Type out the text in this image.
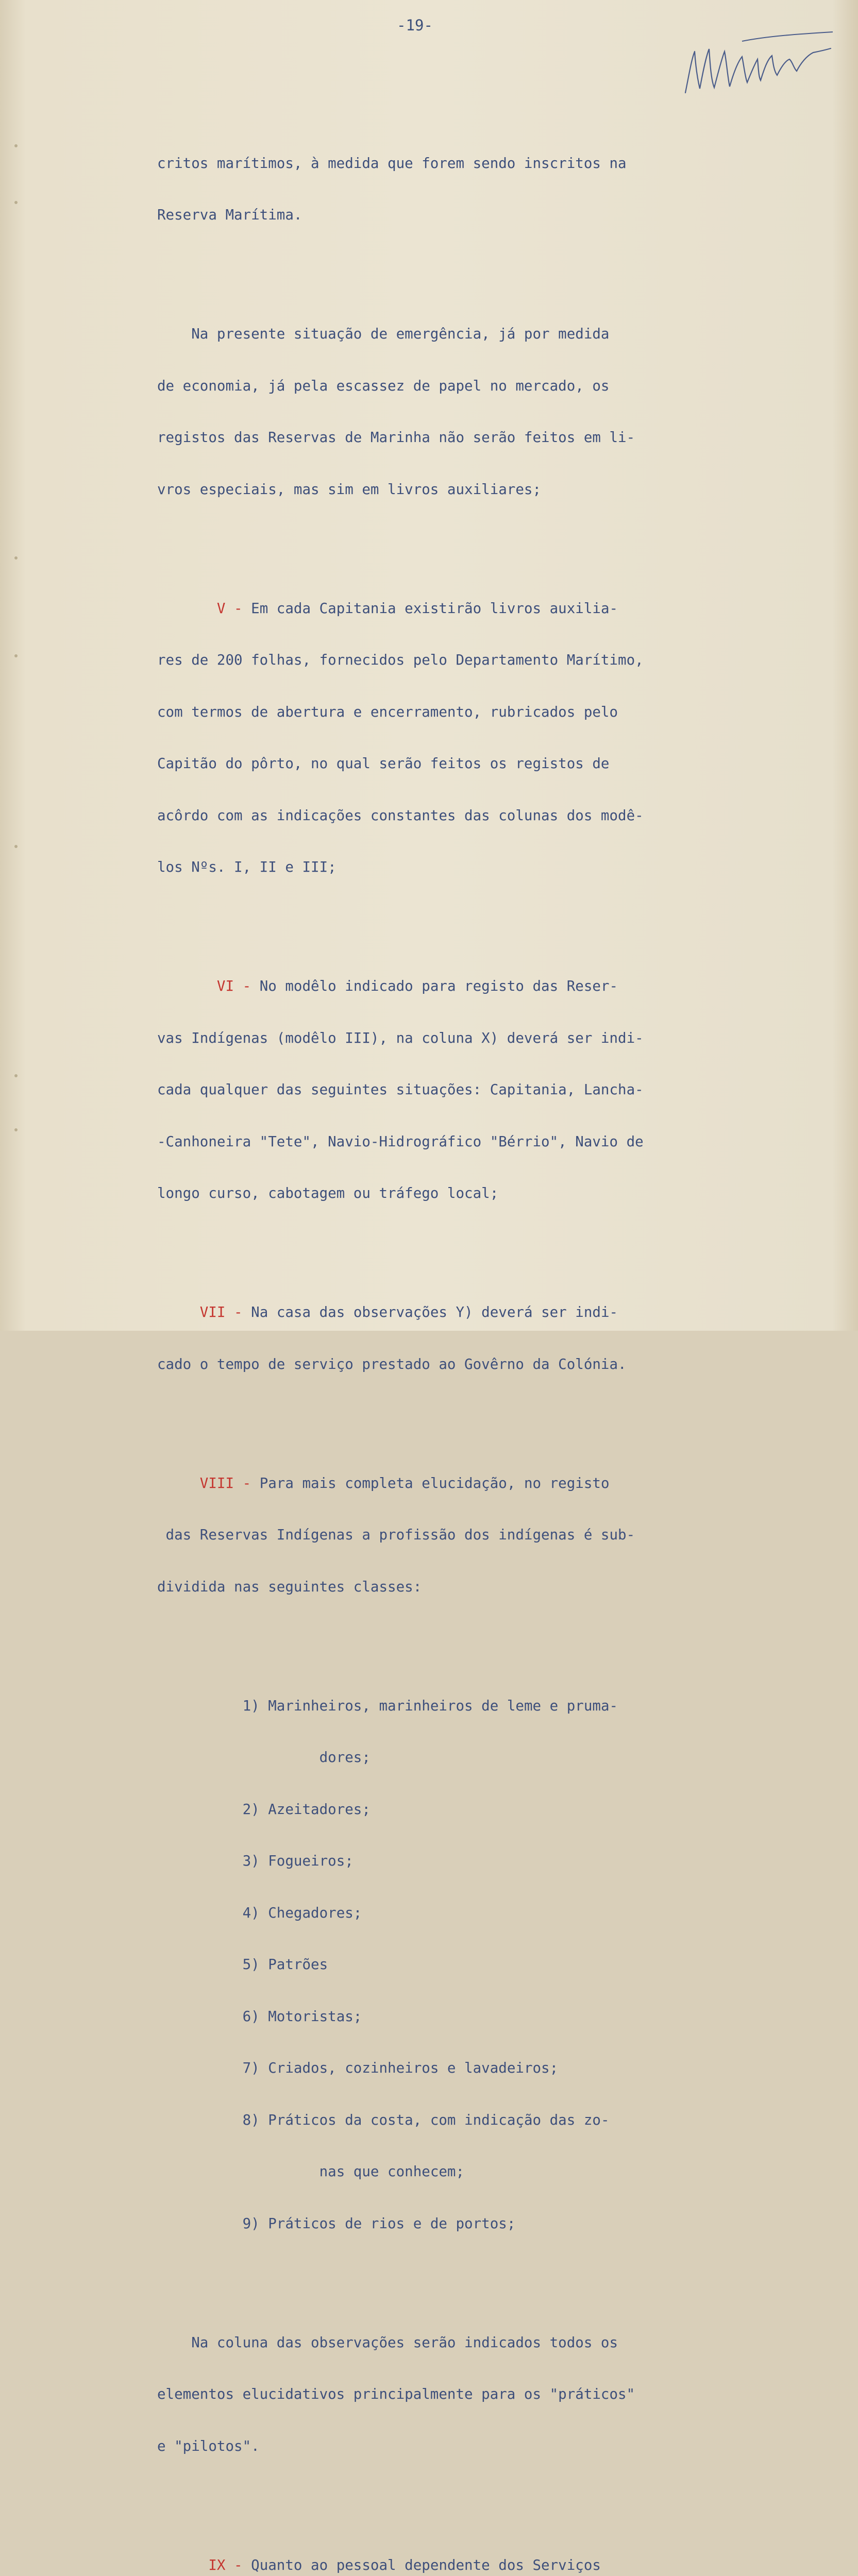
-19-

critos marítimos, à medida que forem sendo inscritos na

Reserva Marítima.

Na presente situação de emergência, já por medida

de economia, já pela escassez de papel no mercado, os

registos das Reservas de Marinha não serão feitos em li-

vros especiais, mas sim em livros auxiliares;

V - Em cada Capitania existirão livros auxilia-

res de 200 folhas, fornecidos pelo Departamento Marítimo,

com termos de abertura e encerramento, rubricados pelo

Capitão do pôrto, no qual serão feitos os registos de

acôrdo com as indicações constantes das colunas dos modê-

los Nºs. I, II e III;

VI - No modêlo indicado para registo das Reser-

vas Indígenas (modêlo III), na coluna X) deverá ser indi-

cada qualquer das seguintes situações: Capitania, Lancha-

-Canhoneira "Tete", Navio-Hidrográfico "Bérrio", Navio de

longo curso, cabotagem ou tráfego local;

VII - Na casa das observações Y) deverá ser indi-

cado o tempo de serviço prestado ao Govêrno da Colónia.

VIII - Para mais completa elucidação, no registo

das Reservas Indígenas a profissão dos indígenas é sub-

dividida nas seguintes classes:

1) Marinheiros, marinheiros de leme e pruma-

dores;

2) Azeitadores;

3) Fogueiros;

4) Chegadores;

5) Patrões

6) Motoristas;

7) Criados, cozinheiros e lavadeiros;

8) Práticos da costa, com indicação das zo-

nas que conhecem;

9) Práticos de rios e de portos;

Na coluna das observações serão indicados todos os

elementos elucidativos principalmente para os "práticos"

e "pilotos".

IX - Quanto ao pessoal dependente dos Serviços
